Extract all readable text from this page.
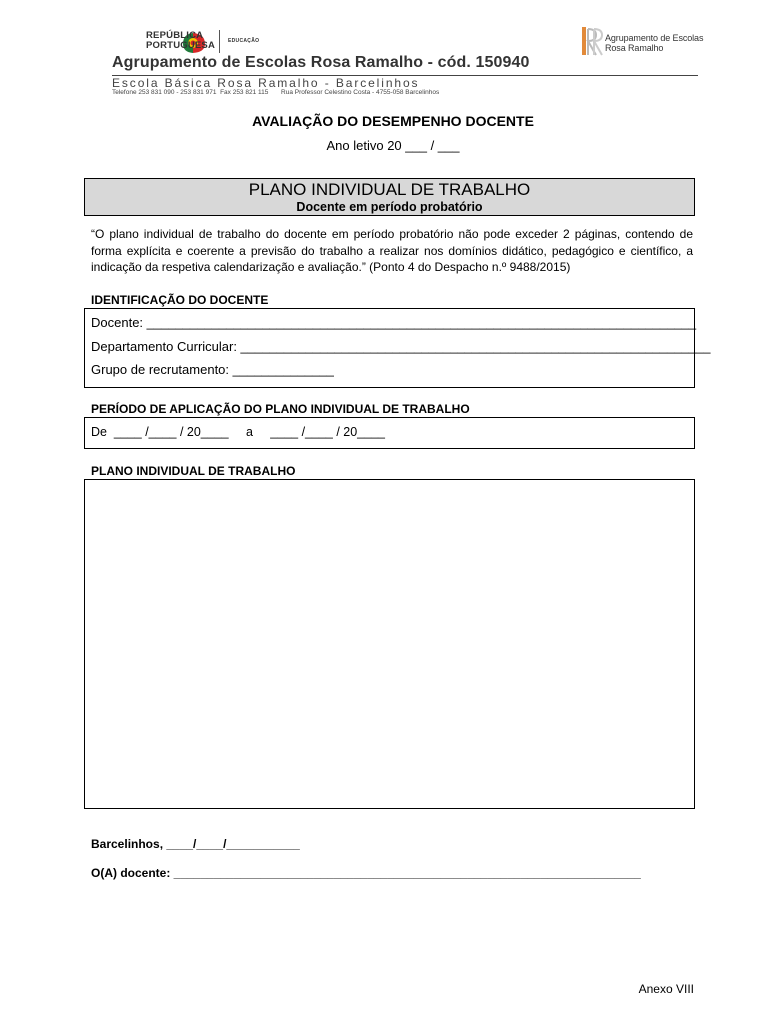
REPÚBLICA
PORTUGUESA	EDUCAÇÃO	Agrupamento de Escolas
Rosa Ramalho
Agrupamento de Escolas Rosa Ramalho - cód. 150940
Escola Básica Rosa Ramalho - Barcelinhos
Telefone 253 831 090 - 253 831 971  Fax 253 821 115       Rua Professor Celestino Costa - 4755-058 Barcelinhos
AVALIAÇÃO DO DESEMPENHO DOCENTE
Ano letivo 20 ___ / ___
PLANO INDIVIDUAL DE TRABALHO
Docente em período probatório
“O plano individual de trabalho do docente em período probatório não pode exceder 2 páginas, contendo de forma explícita e coerente a previsão do trabalho a realizar nos domínios didático, pedagógico e científico, a indicação da respetiva calendarização e avaliação.” (Ponto 4 do Despacho n.º 9488/2015)
IDENTIFICAÇÃO DO DOCENTE
Docente: ____________________________________________________________________________
Departamento Curricular: _________________________________________________________________
Grupo de recrutamento: ______________
PERÍODO DE APLICAÇÃO DO PLANO INDIVIDUAL DE TRABALHO
De  ____ /____ / 20____     a     ____ /____ / 20____
PLANO INDIVIDUAL DE TRABALHO
Barcelinhos, ____/____/___________
O(A) docente: ______________________________________________________________________
Anexo VIII
